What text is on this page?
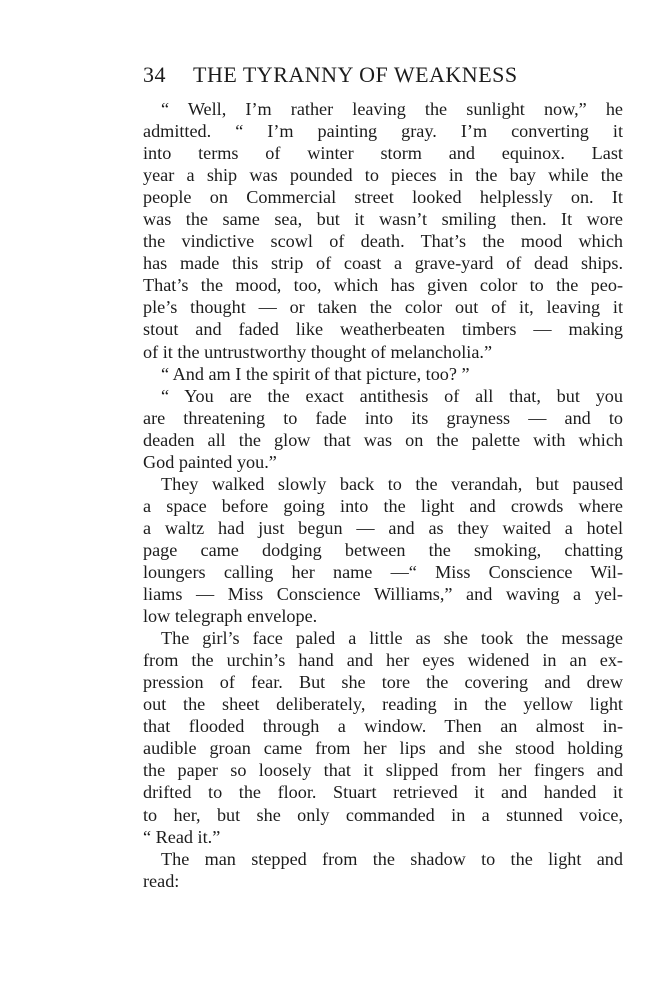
34 THE TYRANNY OF WEAKNESS
“ Well, I’m rather leaving the sunlight now,” he
admitted. “ I’m painting gray. I’m converting it
into terms of winter storm and equinox. Last
year a ship was pounded to pieces in the bay while the
people on Commercial street looked helplessly on. It
was the same sea, but it wasn’t smiling then. It wore
the vindictive scowl of death. That’s the mood which
has made this strip of coast a grave-yard of dead ships.
That’s the mood, too, which has given color to the peo-
ple’s thought — or taken the color out of it, leaving it
stout and faded like weatherbeaten timbers — making
of it the untrustworthy thought of melancholia.”
“ And am I the spirit of that picture, too? ”
“ You are the exact antithesis of all that, but you
are threatening to fade into its grayness — and to
deaden all the glow that was on the palette with which
God painted you.”
They walked slowly back to the verandah, but paused
a space before going into the light and crowds where
a waltz had just begun — and as they waited a hotel
page came dodging between the smoking, chatting
loungers calling her name —“ Miss Conscience Wil-
liams — Miss Conscience Williams,” and waving a yel-
low telegraph envelope.
The girl’s face paled a little as she took the message
from the urchin’s hand and her eyes widened in an ex-
pression of fear. But she tore the covering and drew
out the sheet deliberately, reading in the yellow light
that flooded through a window. Then an almost in-
audible groan came from her lips and she stood holding
the paper so loosely that it slipped from her fingers and
drifted to the floor. Stuart retrieved it and handed it
to her, but she only commanded in a stunned voice,
“ Read it.”
The man stepped from the shadow to the light and
read:
